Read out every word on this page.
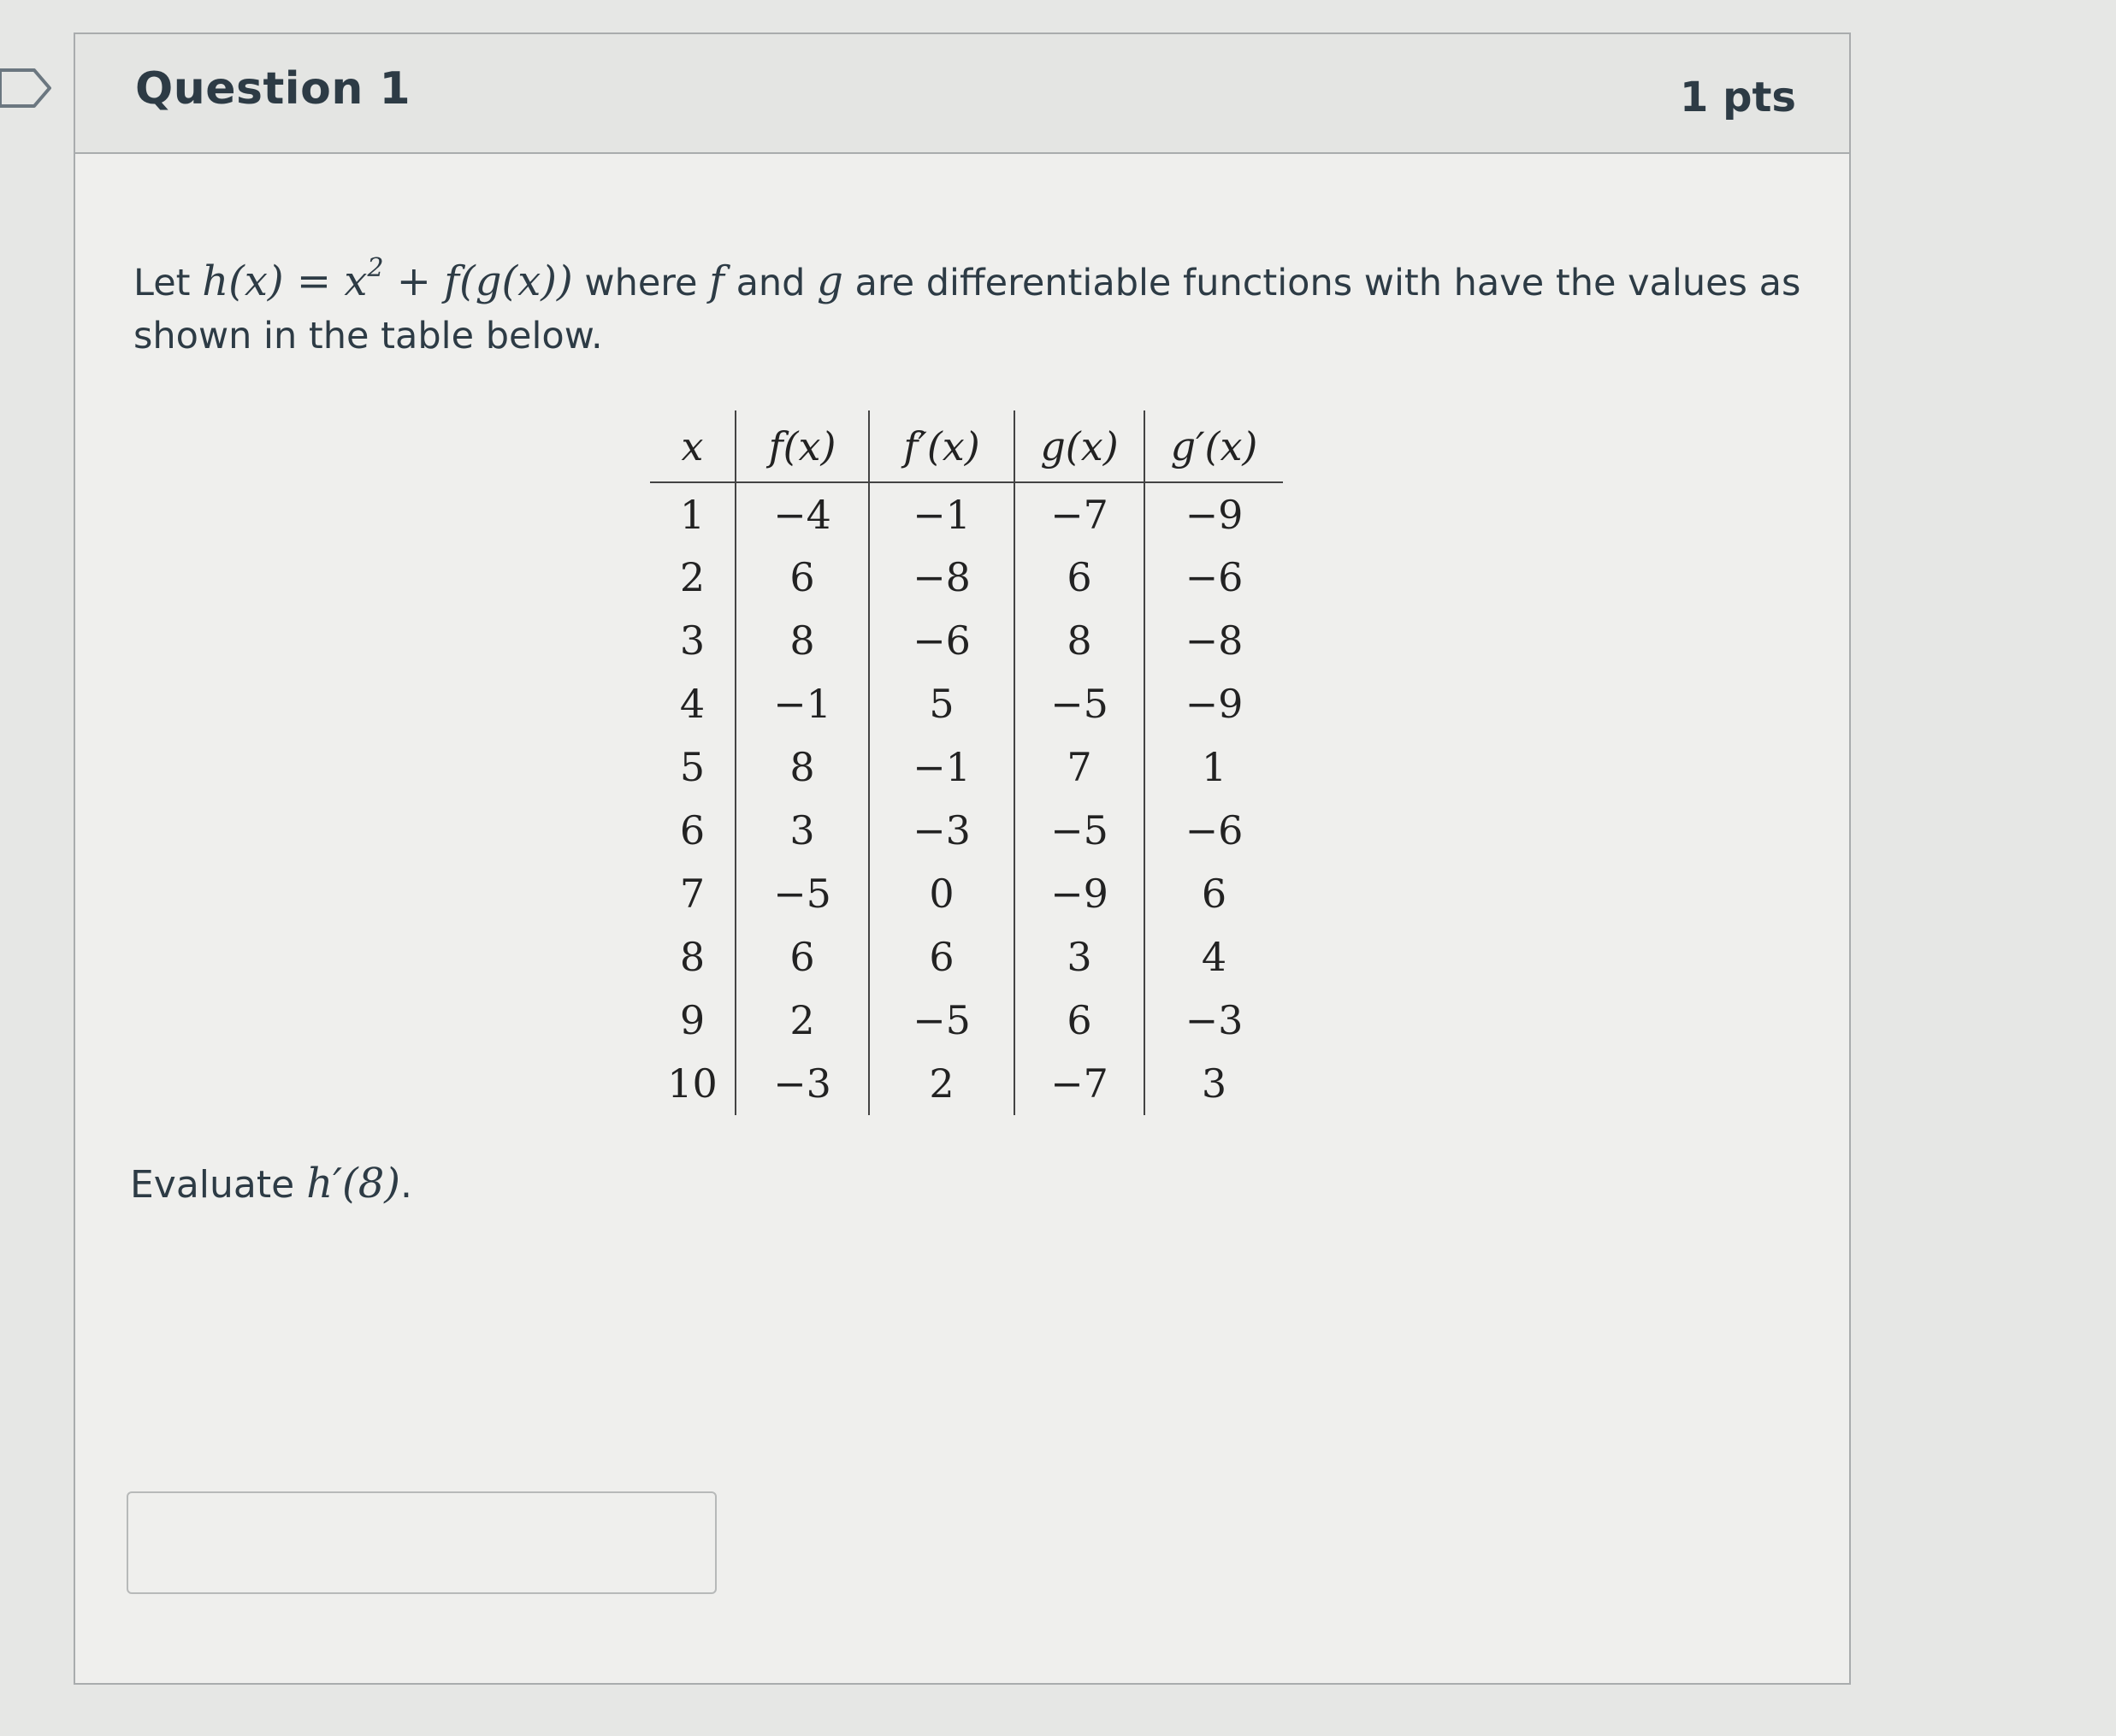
Question 1	1 pts
Let $h(x) = x^2 + f(g(x))$ where f and g are differentiable functions with have the values as shown in the table below.
x	f(x)	f′(x)	g(x)	g′(x)
1	−4	−1	−7	−9
2	6	−8	6	−6
3	8	−6	8	−8
4	−1	5	−5	−9
5	8	−1	7	1
6	3	−3	−5	−6
7	−5	0	−9	6
8	6	6	3	4
9	2	−5	6	−3
10	−3	2	−7	3
Evaluate h′(8).
